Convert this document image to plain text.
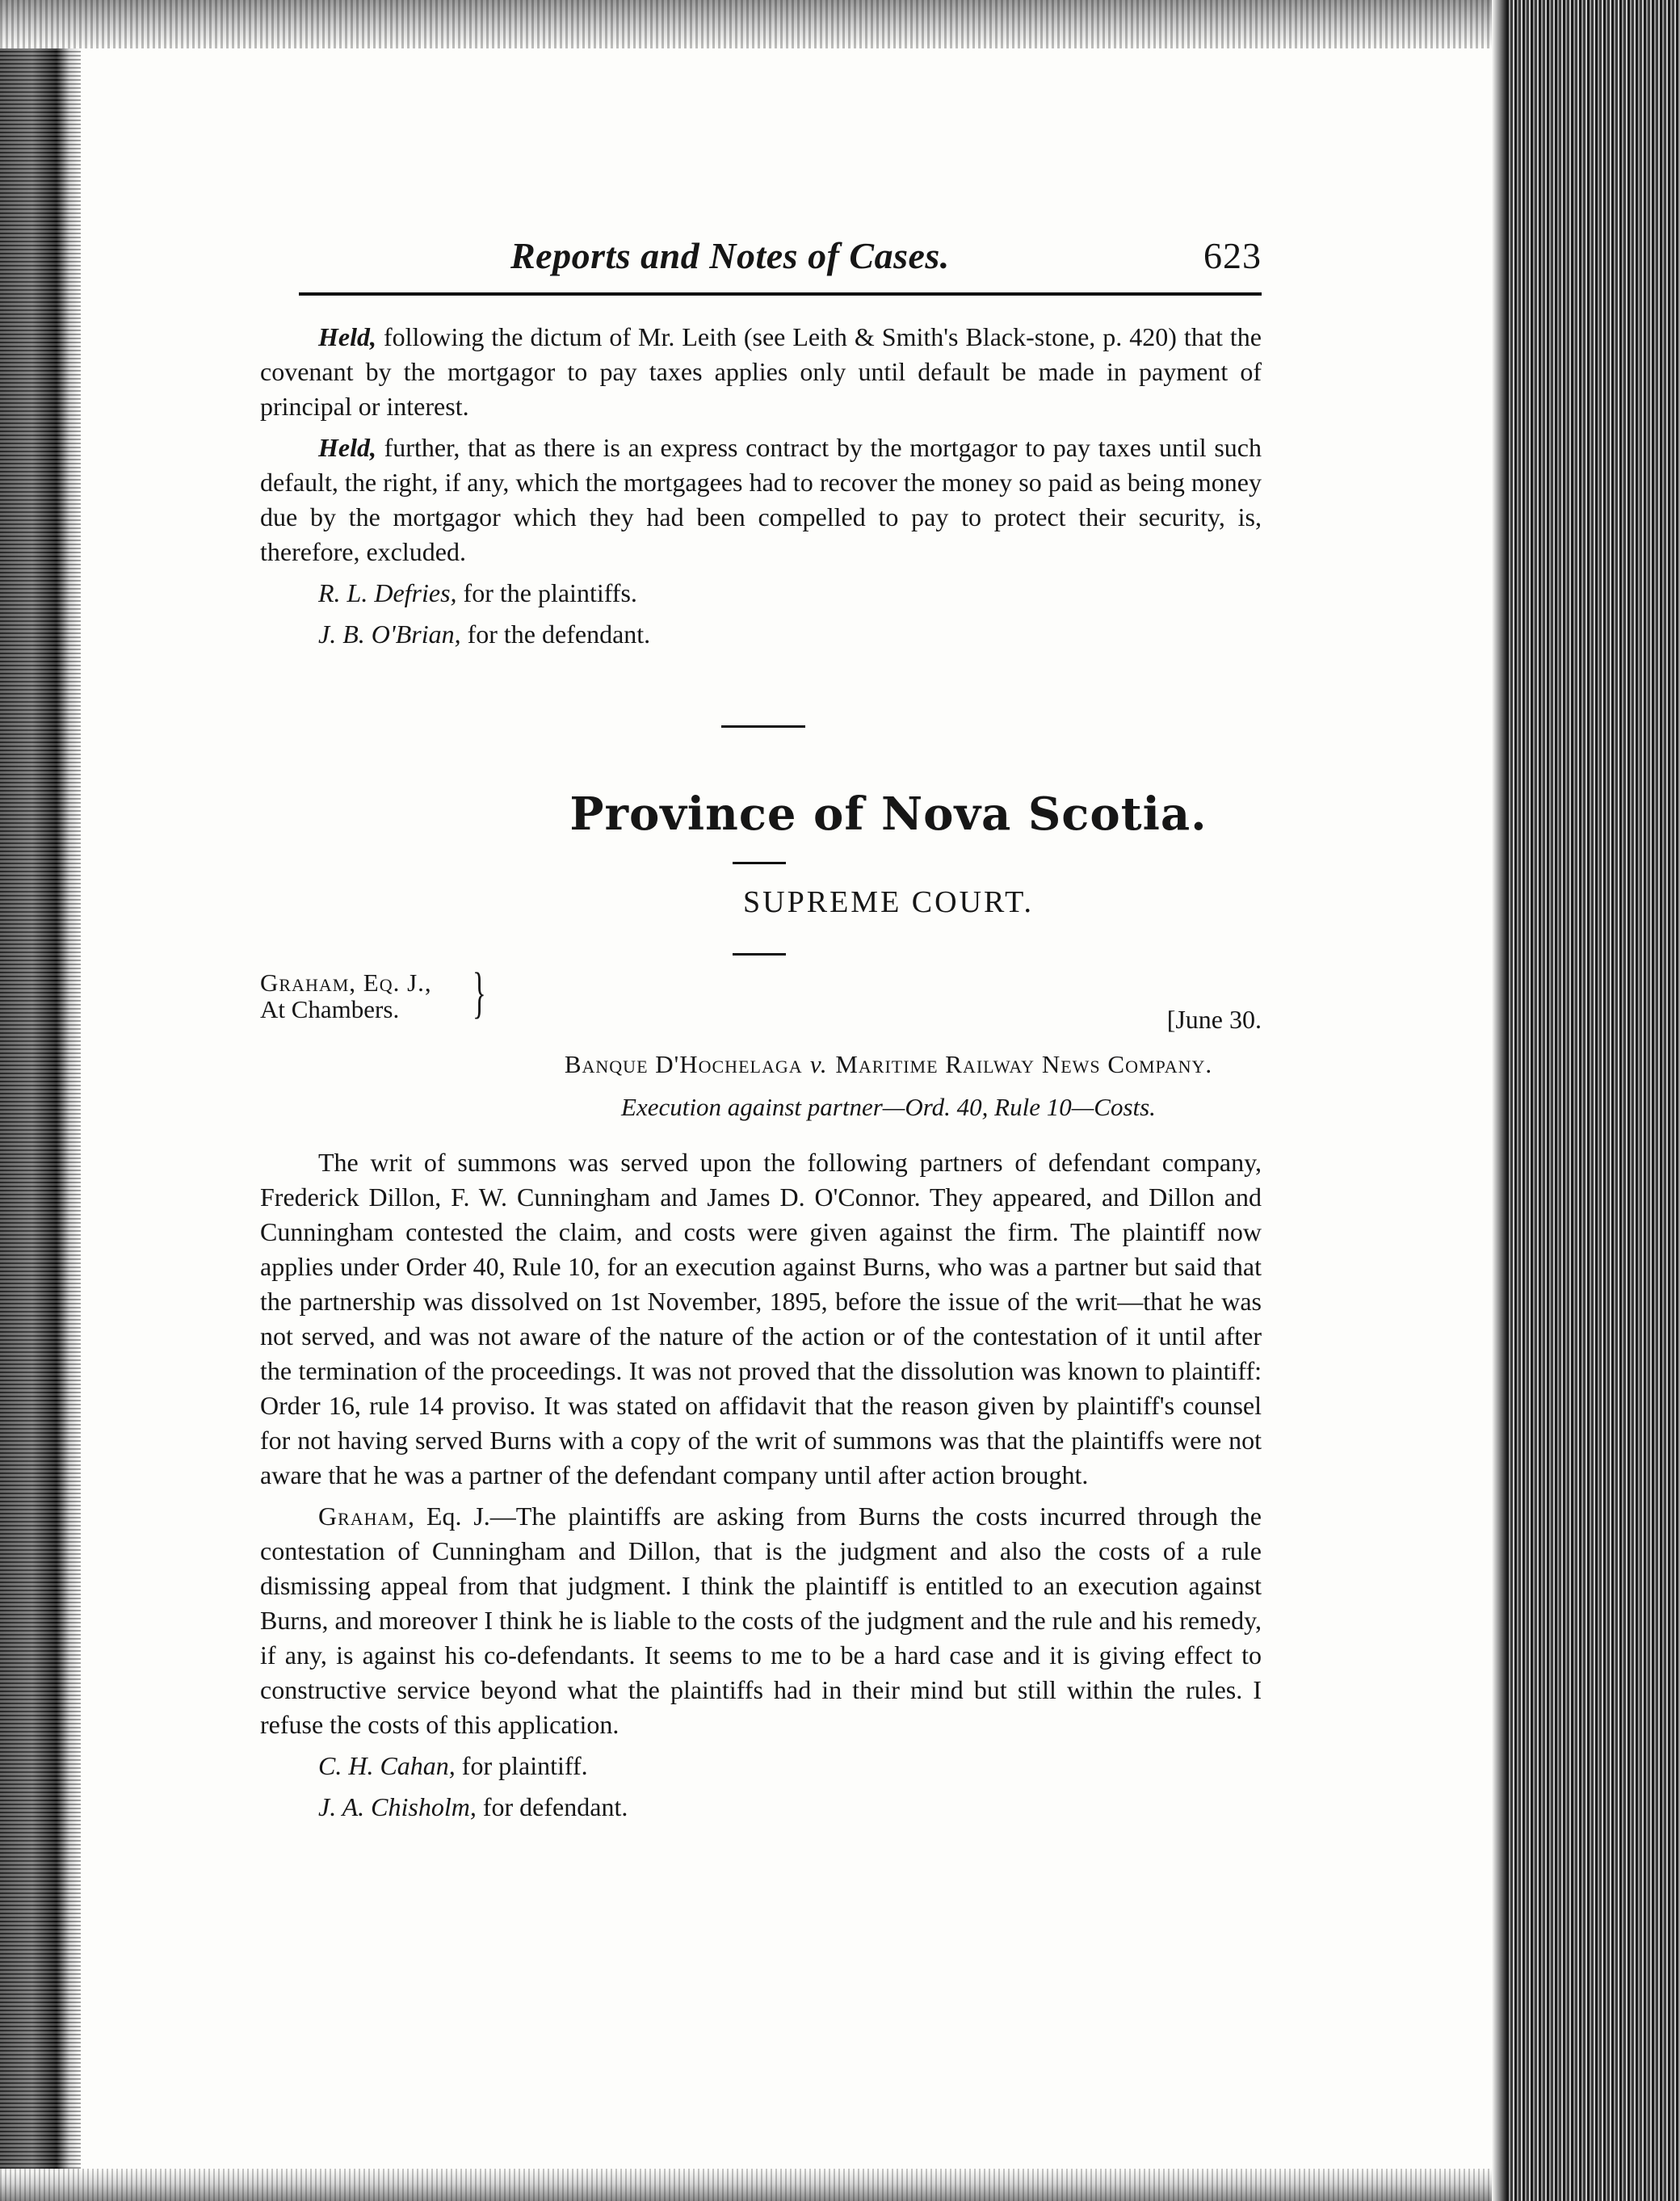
Reports and Notes of Cases.	623

Held, following the dictum of Mr. Leith (see Leith & Smith's Black-stone, p. 420) that the covenant by the mortgagor to pay taxes applies only until default be made in payment of principal or interest.

Held, further, that as there is an express contract by the mortgagor to pay taxes until such default, the right, if any, which the mortgagees had to recover the money so paid as being money due by the mortgagor which they had been compelled to pay to protect their security, is, therefore, excluded.

R. L. Defries, for the plaintiffs.

J. B. O'Brian, for the defendant.

Province of Nova Scotia.
SUPREME COURT.
Graham, Eq. J.,
At Chambers.	}	[June 30.
Banque D'Hochelaga v. Maritime Railway News Company.
Execution against partner—Ord. 40, Rule 10—Costs.

The writ of summons was served upon the following partners of defendant company, Frederick Dillon, F. W. Cunningham and James D. O'Connor. They appeared, and Dillon and Cunningham contested the claim, and costs were given against the firm. The plaintiff now applies under Order 40, Rule 10, for an execution against Burns, who was a partner but said that the partnership was dissolved on 1st November, 1895, before the issue of the writ—that he was not served, and was not aware of the nature of the action or of the contestation of it until after the termination of the proceedings. It was not proved that the dissolution was known to plaintiff: Order 16, rule 14 proviso. It was stated on affidavit that the reason given by plaintiff's counsel for not having served Burns with a copy of the writ of summons was that the plaintiffs were not aware that he was a partner of the defendant company until after action brought.

Graham, Eq. J.—The plaintiffs are asking from Burns the costs incurred through the contestation of Cunningham and Dillon, that is the judgment and also the costs of a rule dismissing appeal from that judgment. I think the plaintiff is entitled to an execution against Burns, and moreover I think he is liable to the costs of the judgment and the rule and his remedy, if any, is against his co-defendants. It seems to me to be a hard case and it is giving effect to constructive service beyond what the plaintiffs had in their mind but still within the rules. I refuse the costs of this application.

C. H. Cahan, for plaintiff.

J. A. Chisholm, for defendant.
